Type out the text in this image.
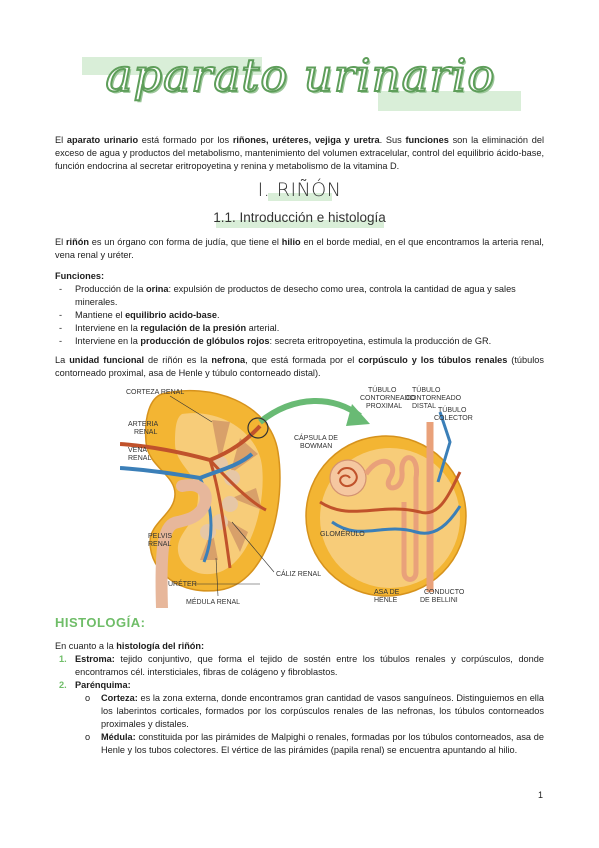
aparato urinario
El aparato urinario está formado por los riñones, uréteres, vejiga y uretra. Sus funciones son la eliminación del exceso de agua y productos del metabolismo, mantenimiento del volumen extracelular, control del equilibrio ácido-base, función endocrina al secretar eritropoyetina y renina y metabolismo de la vitamina D.
I. RIÑÓN
1.1. Introducción e histología
El riñón es un órgano con forma de judía, que tiene el hilio en el borde medial, en el que encontramos la arteria renal, vena renal y uréter.
Funciones:
- Producción de la orina: expulsión de productos de desecho como urea, controla la cantidad de agua y sales minerales.
- Mantiene el equilibrio acido-base.
- Interviene en la regulación de la presión arterial.
- Interviene en la producción de glóbulos rojos: secreta eritropoyetina, estimula la producción de GR.
La unidad funcional de riñón es la nefrona, que está formada por el corpúsculo y los túbulos renales (túbulos contorneado proximal, asa de Henle y túbulo contorneado distal).
CORTEZA RENAL
ARTERIA
RENAL
VENA
RENAL
PELVIS
RENAL
URÉTER
MÉDULA RENAL
CÁLIZ RENAL
TÚBULO
CONTORNEADO
PROXIMAL
TÚBULO
CONTORNEADO
DISTAL
TÚBULO
COLECTOR
CÁPSULA DE
BOWMAN
GLOMÉRULO
ASA DE
HENLE
CONDUCTO
DE BELLINI
HISTOLOGÍA:
En cuanto a la histología del riñón:
1. Estroma: tejido conjuntivo, que forma el tejido de sostén entre los túbulos renales y corpúsculos, donde encontramos cél. intersticiales, fibras de colágeno y fibroblastos.
2. Parénquima:
o Corteza: es la zona externa, donde encontramos gran cantidad de vasos sanguíneos. Distinguiemos en ella los laberintos corticales, formados por los corpúsculos renales de las nefronas, los túbulos contorneados proximales y distales.
o Médula: constituida por las pirámides de Malpighi o renales, formadas por los túbulos contorneados, asa de Henle y los tubos colectores. El vértice de las pirámides (papila renal) se encuentra apuntando al hilio.
1
